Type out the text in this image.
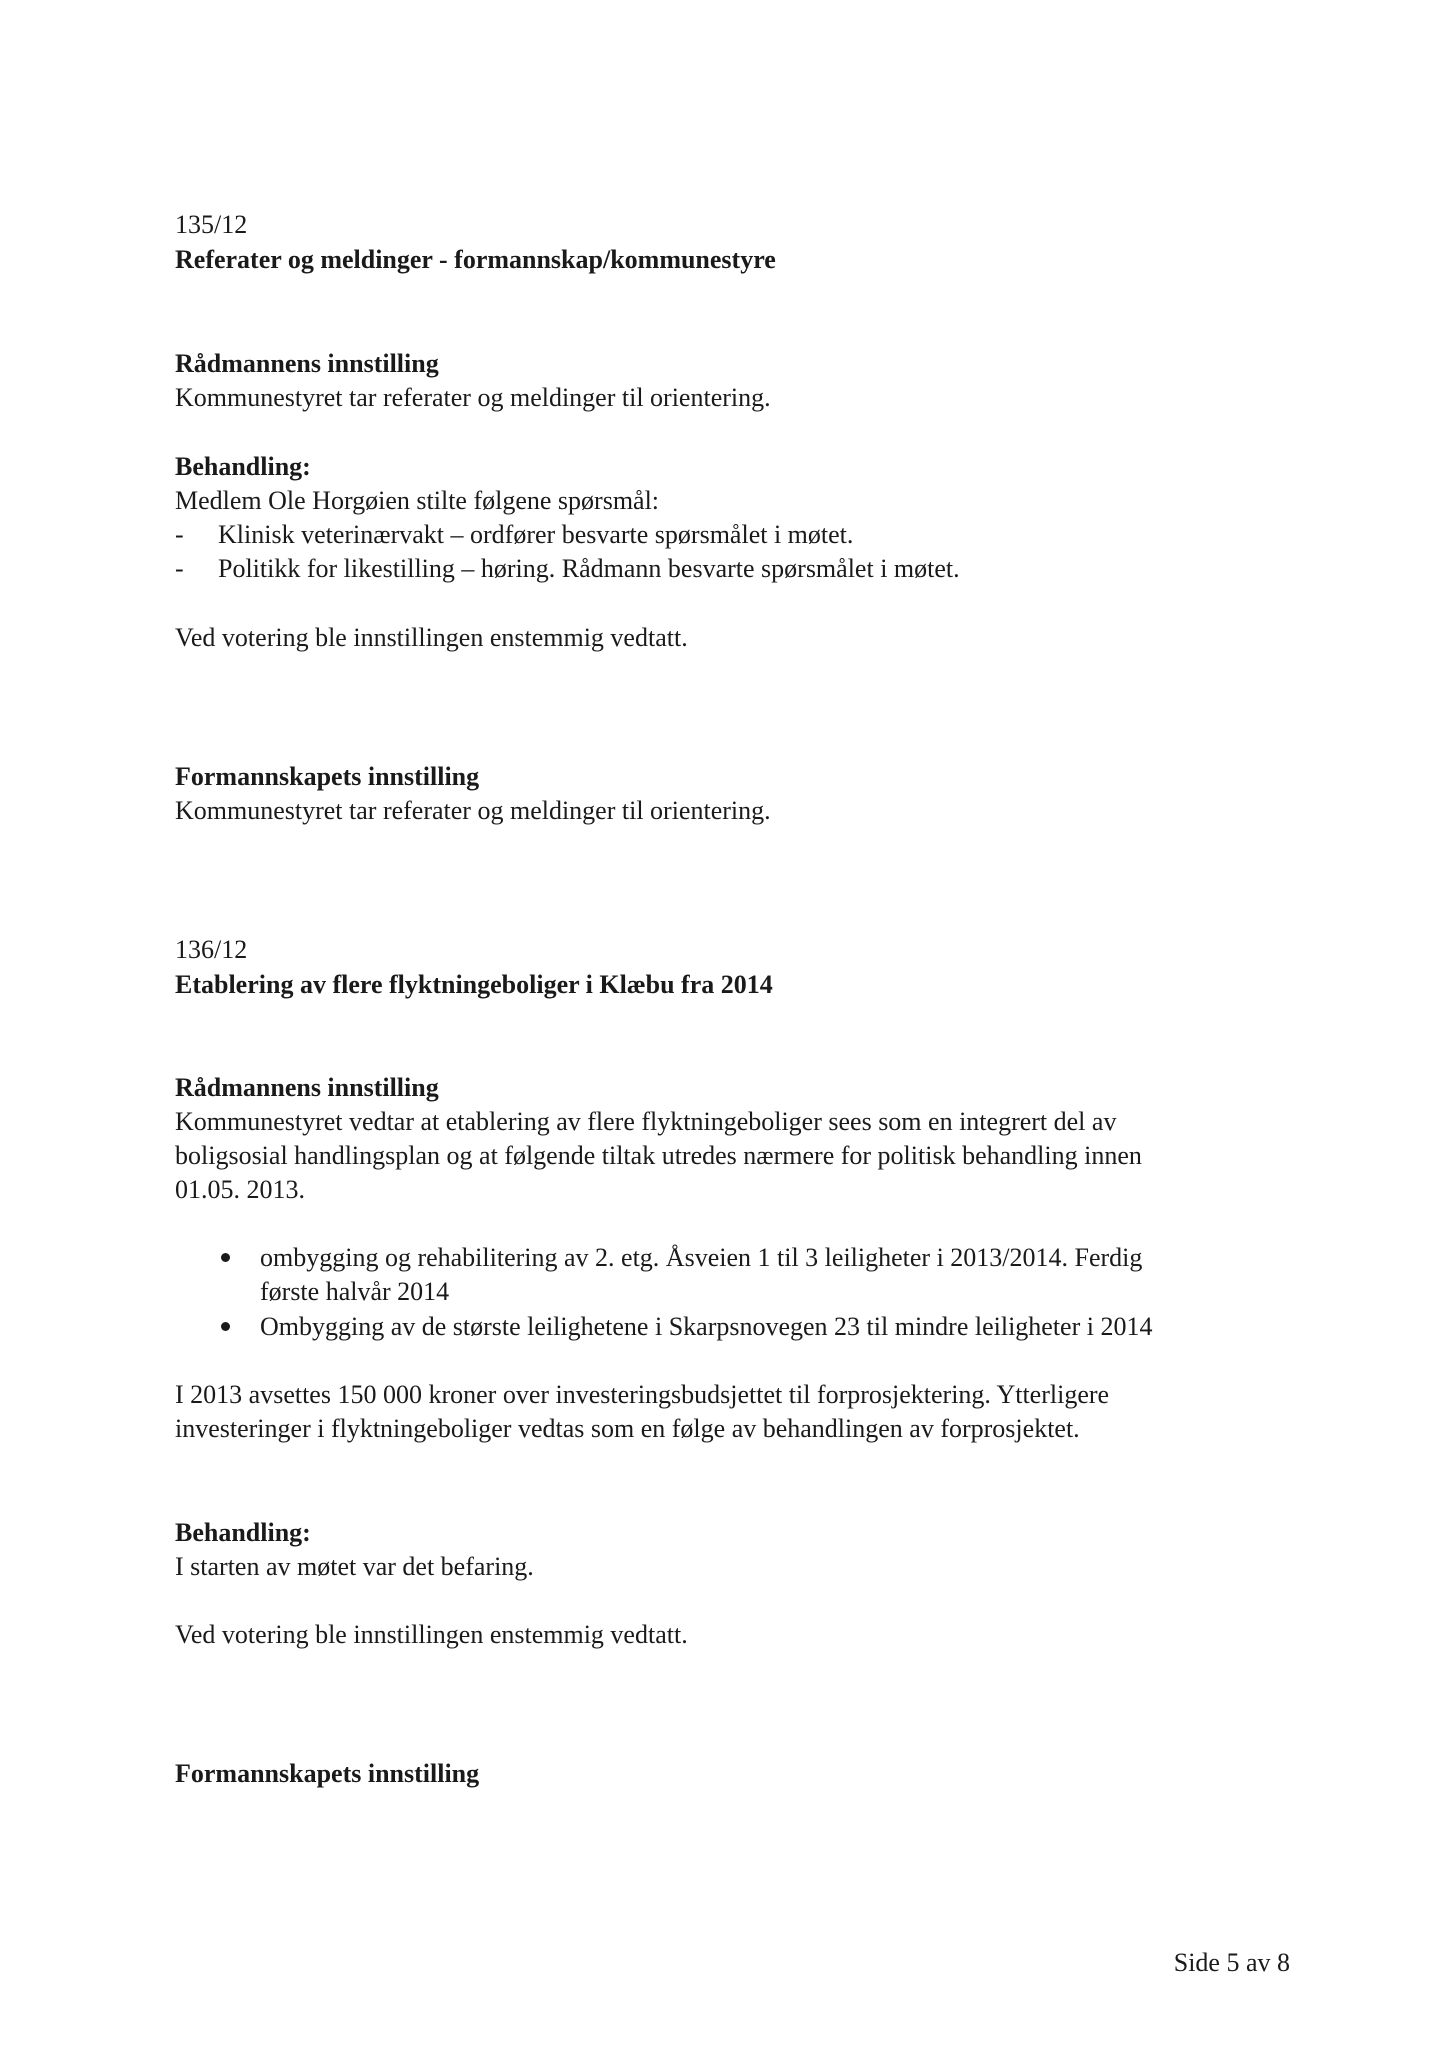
135/12
Referater og meldinger - formannskap/kommunestyre
Rådmannens innstilling
Kommunestyret tar referater og meldinger til orientering.
Behandling:
Medlem Ole Horgøien stilte følgene spørsmål:
- Klinisk veterinærvakt – ordfører besvarte spørsmålet i møtet.
- Politikk for likestilling – høring. Rådmann besvarte spørsmålet i møtet.
Ved votering ble innstillingen enstemmig vedtatt.
Formannskapets innstilling
Kommunestyret tar referater og meldinger til orientering.
136/12
Etablering av flere flyktningeboliger i Klæbu fra 2014
Rådmannens innstilling
Kommunestyret vedtar at etablering av flere flyktningeboliger sees som en integrert del av
boligsosial handlingsplan og at følgende tiltak utredes nærmere for politisk behandling innen
01.05. 2013.
ombygging og rehabilitering av 2. etg. Åsveien 1 til 3 leiligheter i 2013/2014. Ferdig
første halvår 2014
Ombygging av de største leilighetene i Skarpsnovegen 23 til mindre leiligheter i 2014
I 2013 avsettes 150 000 kroner over investeringsbudsjettet til forprosjektering. Ytterligere
investeringer i flyktningeboliger vedtas som en følge av behandlingen av forprosjektet.
Behandling:
I starten av møtet var det befaring.
Ved votering ble innstillingen enstemmig vedtatt.
Formannskapets innstilling
Side 5 av 8
